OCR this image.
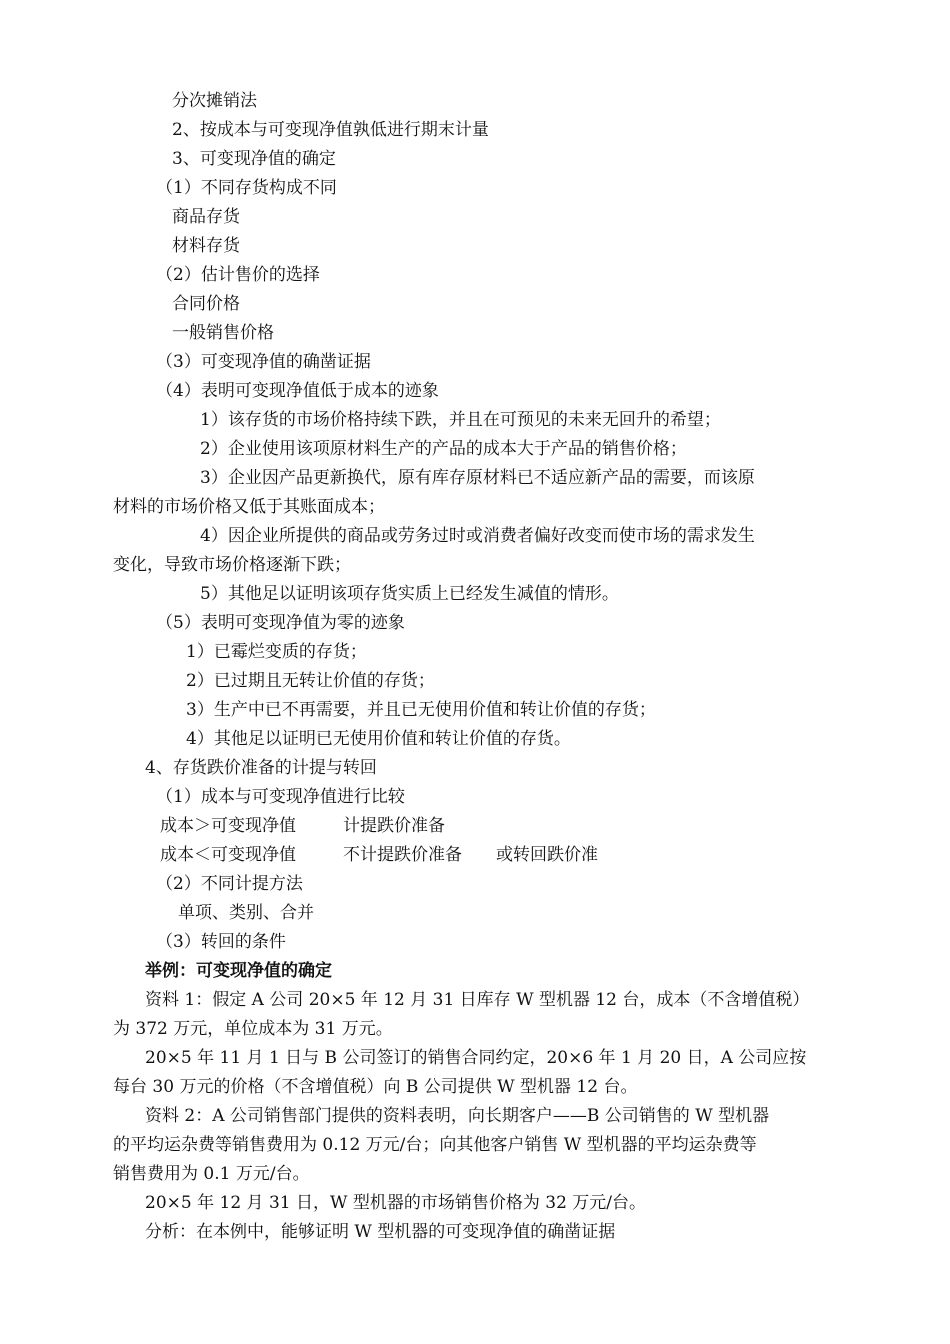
分次摊销法
2、按成本与可变现净值孰低进行期末计量
3、可变现净值的确定
（1）不同存货构成不同
商品存货
材料存货
（2）估计售价的选择
合同价格
一般销售价格
（3）可变现净值的确凿证据
（4）表明可变现净值低于成本的迹象
1）该存货的市场价格持续下跌，并且在可预见的未来无回升的希望；
2）企业使用该项原材料生产的产品的成本大于产品的销售价格；
3）企业因产品更新换代，原有库存原材料已不适应新产品的需要，而该原
材料的市场价格又低于其账面成本；
4）因企业所提供的商品或劳务过时或消费者偏好改变而使市场的需求发生
变化，导致市场价格逐渐下跌；
5）其他足以证明该项存货实质上已经发生减值的情形。
（5）表明可变现净值为零的迹象
1）已霉烂变质的存货；
2）已过期且无转让价值的存货；
3）生产中已不再需要，并且已无使用价值和转让价值的存货；
4）其他足以证明已无使用价值和转让价值的存货。
4、存货跌价准备的计提与转回
（1）成本与可变现净值进行比较
成本＞可变现净值	计提跌价准备
成本＜可变现净值	不计提跌价准备 或转回跌价准
（2）不同计提方法
单项、类别、合并
（3）转回的条件
举例：可变现净值的确定
资料 1：假定 A 公司 20×5 年 12 月 31 日库存 W 型机器 12 台，成本（不含增值税）
为 372 万元，单位成本为 31 万元。
20×5 年 11 月 1 日与 B 公司签订的销售合同约定，20×6 年 1 月 20 日，A 公司应按
每台 30 万元的价格（不含增值税）向 B 公司提供 W 型机器 12 台。
资料 2：A 公司销售部门提供的资料表明，向长期客户——B 公司销售的 W 型机器
的平均运杂费等销售费用为 0.12 万元/台；向其他客户销售 W 型机器的平均运杂费等
销售费用为 0.1 万元/台。
20×5 年 12 月 31 日，W 型机器的市场销售价格为 32 万元/台。
分析：在本例中，能够证明 W 型机器的可变现净值的确凿证据
